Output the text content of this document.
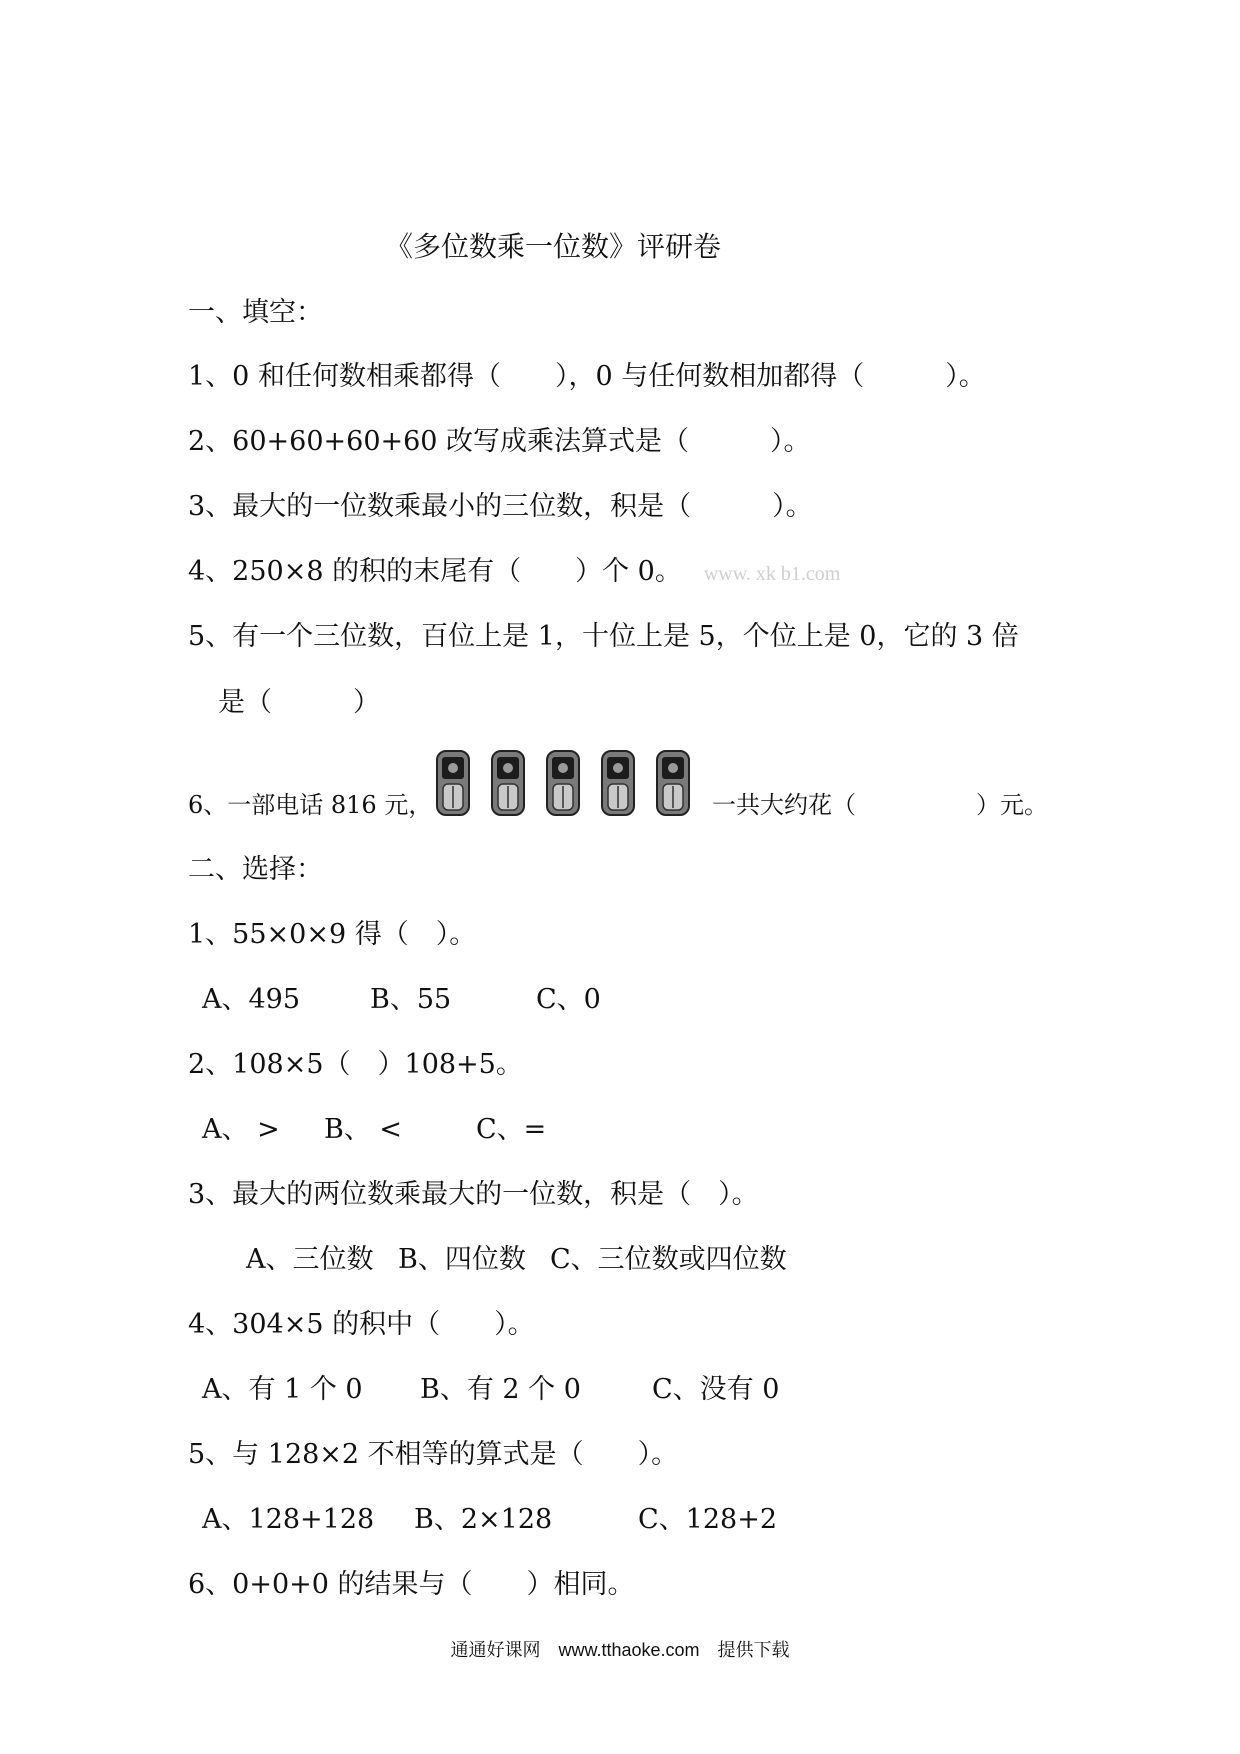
《多位数乘一位数》评研卷
一、填空：
1、0 和任何数相乘都得（　　），0 与任何数相加都得（　　　）。
2、60+60+60+60 改写成乘法算式是（　　　）。
3、最大的一位数乘最小的三位数，积是（　　　）。
4、250×8 的积的末尾有（　　）个 0。 www. xk b1.com
5、有一个三位数，百位上是 1，十位上是 5，个位上是 0，它的 3 倍
是（　　　）
6、一部电话 816 元，	一共大约花（　　　　　）元。
二、选择：
1、55×0×9 得（　）。
A、495	B、55	C、0
2、108×5（　）108+5。
A、 > B、 <	C、=
3、最大的两位数乘最大的一位数，积是（　）。
A、三位数 B、四位数 C、三位数或四位数
4、304×5 的积中（　　）。
A、有 1 个 0 B、有 2 个 0	C、没有 0
5、与 128×2 不相等的算式是（　　）。
A、128+128 B、2×128	C、128+2
6、0+0+0 的结果与（　　）相同。
通通好课网　www.tthaoke.com　提供下载
